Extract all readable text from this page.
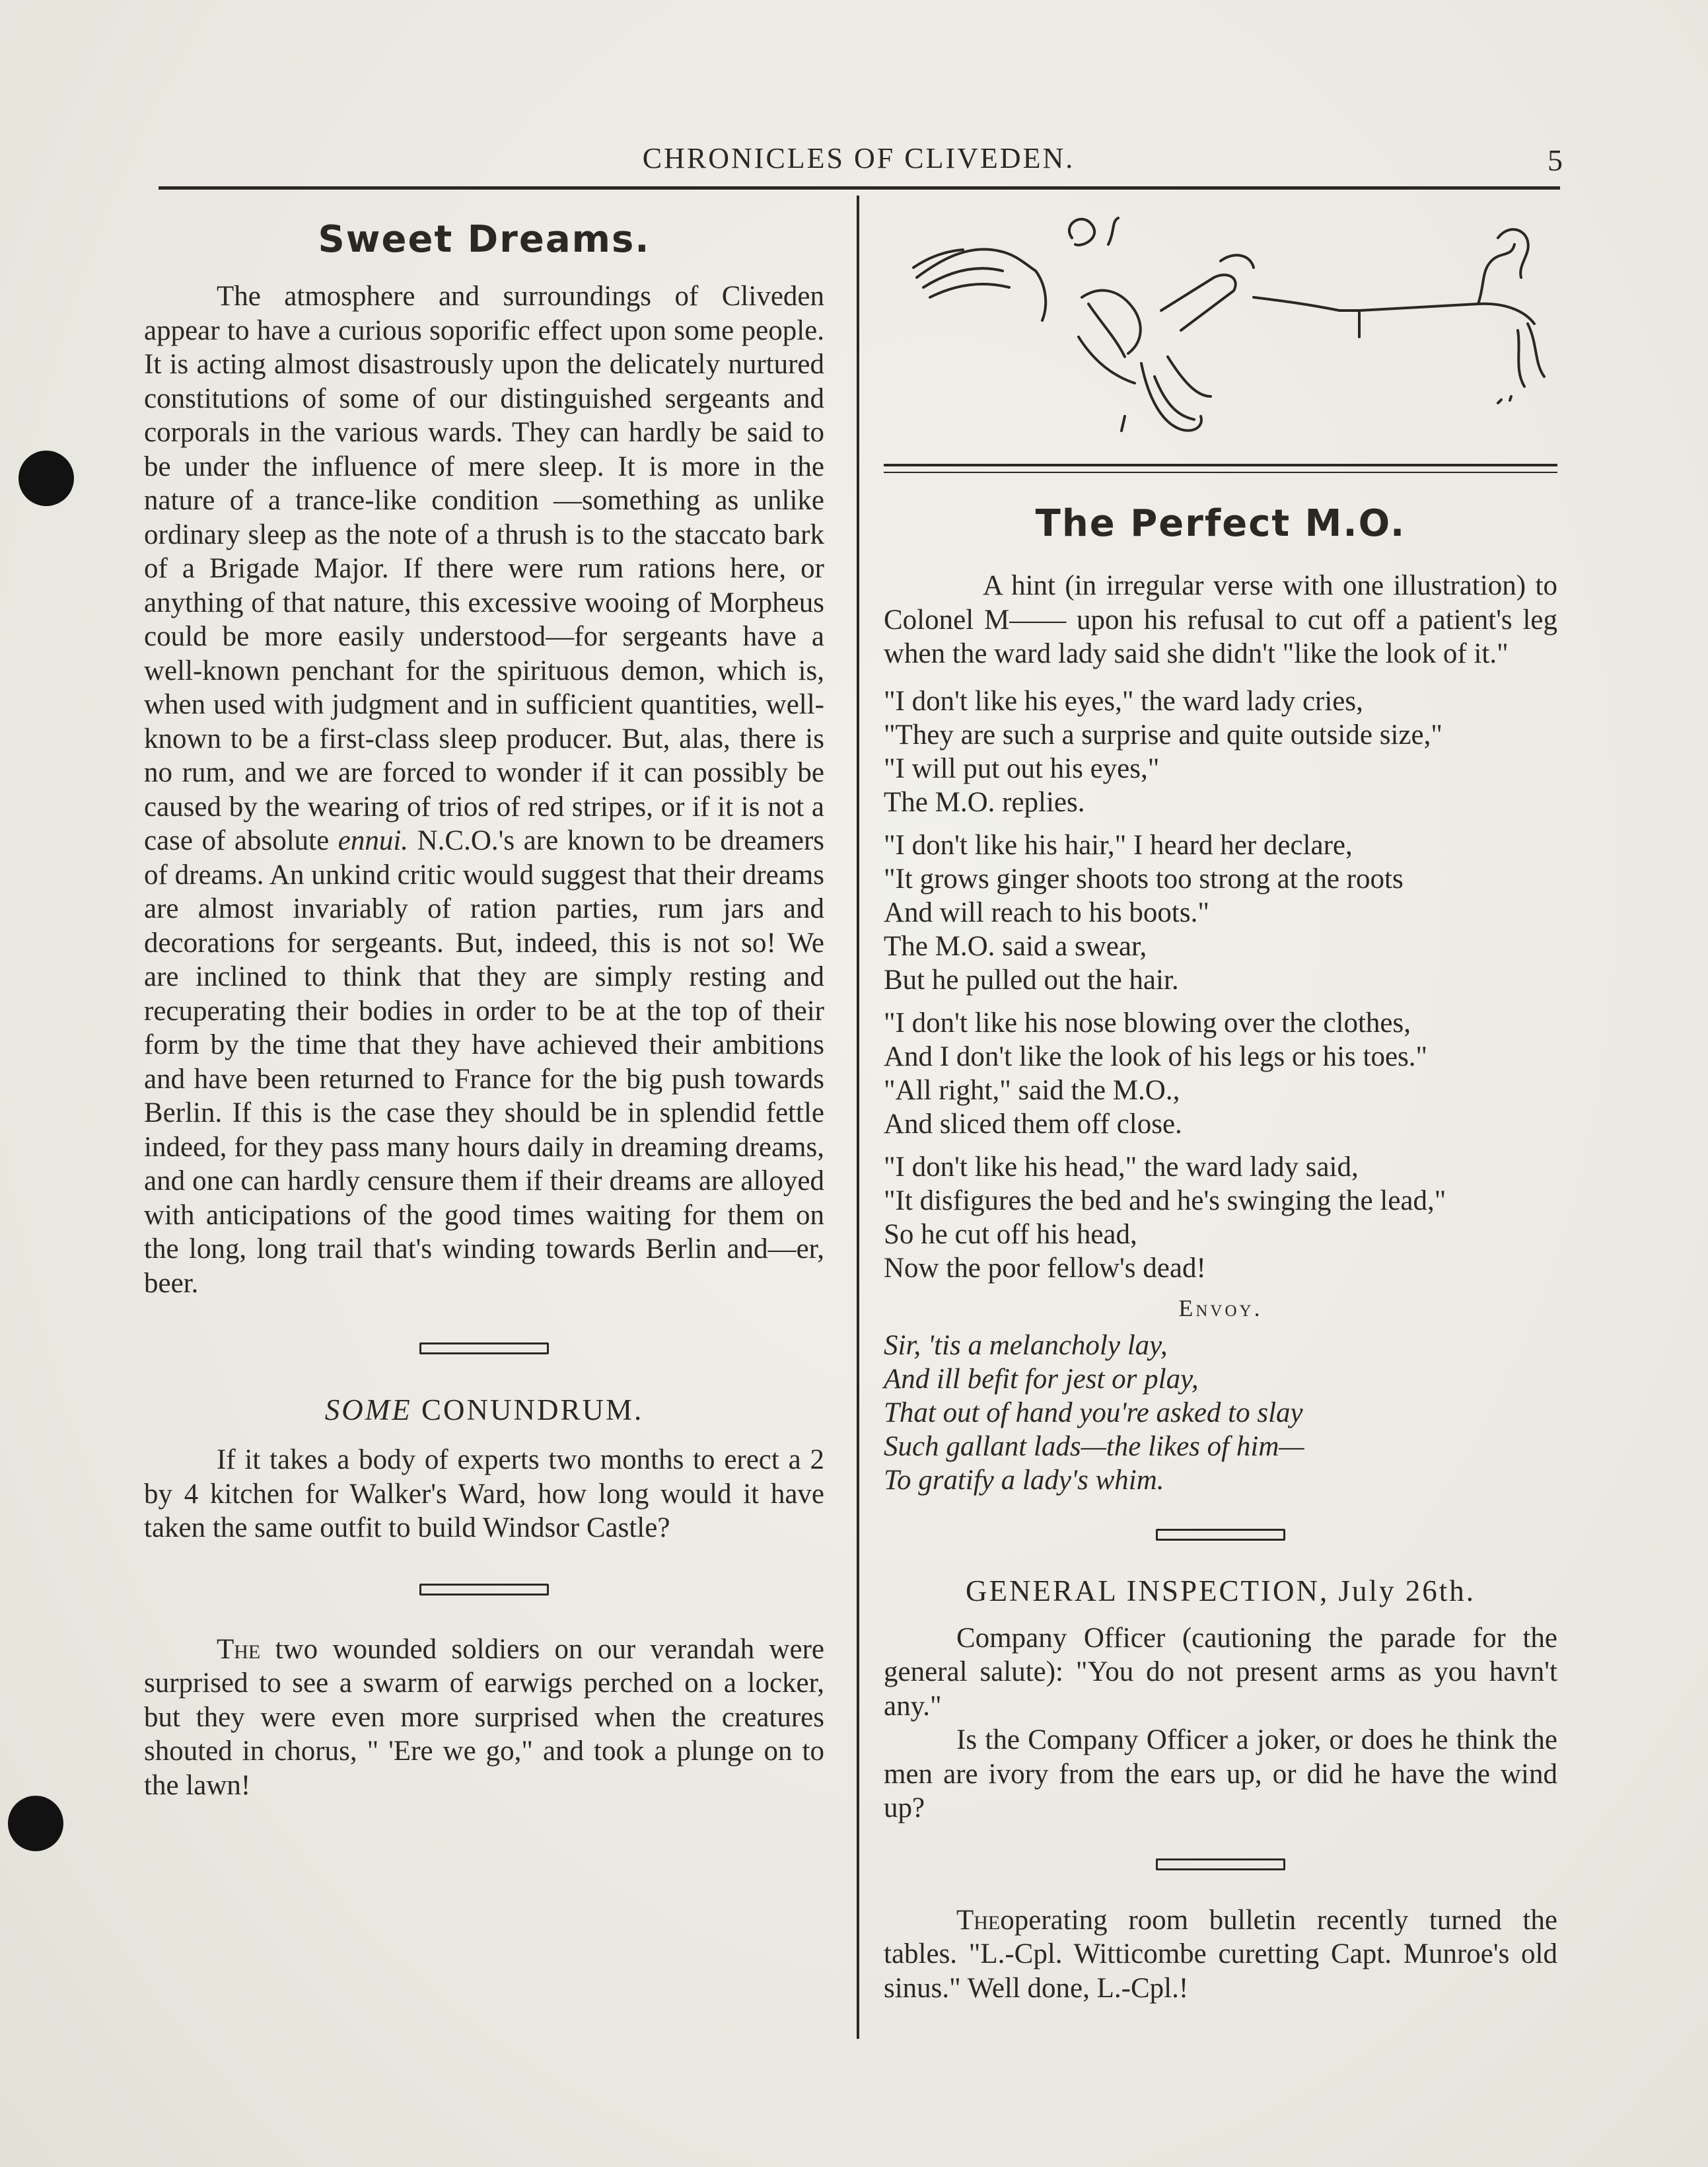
CHRONICLES OF CLIVEDEN.	5
Sweet Dreams.

The atmosphere and surroundings of Cliveden appear to have a curious soporific effect upon some people. It is acting almost disastrously upon the delicately nurtured constitutions of some of our distinguished sergeants and corporals in the various wards. They can hardly be said to be under the influence of mere sleep. It is more in the nature of a trance-like condition —something as unlike ordinary sleep as the note of a thrush is to the staccato bark of a Brigade Major. If there were rum rations here, or anything of that nature, this excessive wooing of Morpheus could be more easily understood—for sergeants have a well-known penchant for the spirituous demon, which is, when used with judgment and in sufficient quantities, well-known to be a first-class sleep producer. But, alas, there is no rum, and we are forced to wonder if it can possibly be caused by the wearing of trios of red stripes, or if it is not a case of absolute ennui. N.C.O.'s are known to be dreamers of dreams. An unkind critic would suggest that their dreams are almost invariably of ration parties, rum jars and decorations for sergeants. But, indeed, this is not so! We are inclined to think that they are simply resting and recuperating their bodies in order to be at the top of their form by the time that they have achieved their ambitions and have been returned to France for the big push towards Berlin. If this is the case they should be in splendid fettle indeed, for they pass many hours daily in dreaming dreams, and one can hardly censure them if their dreams are alloyed with anticipations of the good times waiting for them on the long, long trail that's winding towards Berlin and—er, beer.

SOME CONUNDRUM.

If it takes a body of experts two months to erect a 2 by 4 kitchen for Walker's Ward, how long would it have taken the same outfit to build Windsor Castle?

The two wounded soldiers on our verandah were surprised to see a swarm of earwigs perched on a locker, but they were even more surprised when the creatures shouted in chorus, " 'Ere we go," and took a plunge on to the lawn!

The Perfect M.O.

A hint (in irregular verse with one illustration) to Colonel M—— upon his refusal to cut off a patient's leg when the ward lady said she didn't "like the look of it."

"I don't like his eyes," the ward lady cries,

"They are such a surprise and quite outside size,"

"I will put out his eyes,"

The M.O. replies.

"I don't like his hair," I heard her declare,

"It grows ginger shoots too strong at the roots

And will reach to his boots."

The M.O. said a swear,

But he pulled out the hair.

"I don't like his nose blowing over the clothes,

And I don't like the look of his legs or his toes."

"All right," said the M.O.,

And sliced them off close.

"I don't like his head," the ward lady said,

"It disfigures the bed and he's swinging the lead,"

So he cut off his head,

Now the poor fellow's dead!

Envoy.

Sir, 'tis a melancholy lay,

And ill befit for jest or play,

That out of hand you're asked to slay

Such gallant lads—the likes of him—

To gratify a lady's whim.

GENERAL INSPECTION, July 26th.

Company Officer (cautioning the parade for the general salute): "You do not present arms as you havn't any."

Is the Company Officer a joker, or does he think the men are ivory from the ears up, or did he have the wind up?

Theoperating room bulletin recently turned the tables. "L.-Cpl. Witticombe curetting Capt. Munroe's old sinus." Well done, L.-Cpl.!
